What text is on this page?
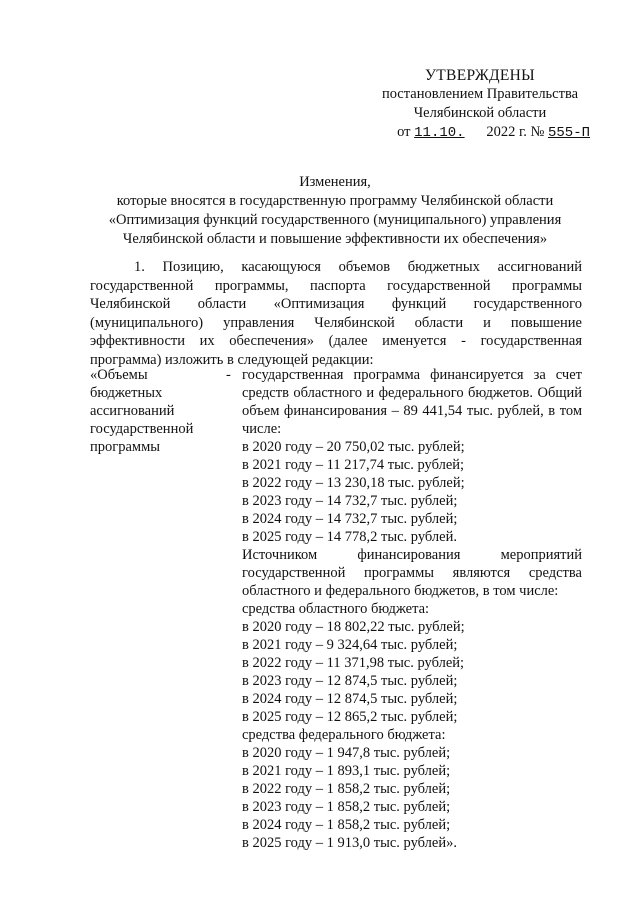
УТВЕРЖДЕНЫ
постановлением Правительства
Челябинской области
от 11.10. 2022 г. № 555-П
Изменения,
которые вносятся в государственную программу Челябинской области
«Оптимизация функций государственного (муниципального) управления
Челябинской области и повышение эффективности их обеспечения»
1. Позицию, касающуюся объемов бюджетных ассигнований
государственной программы, паспорта государственной программы
Челябинской области «Оптимизация функций государственного
(муниципального) управления Челябинской области и повышение
эффективности их обеспечения» (далее именуется - государственная
программа) изложить в следующей редакции:
«Объемы
бюджетных
ассигнований
государственной
программы
- государственная программа финансируется за счет
средств областного и федерального бюджетов. Общий
объем финансирования – 89 441,54 тыс. рублей, в том
числе:
в 2020 году – 20 750,02 тыс. рублей;
в 2021 году – 11 217,74 тыс. рублей;
в 2022 году – 13 230,18 тыс. рублей;
в 2023 году – 14 732,7 тыс. рублей;
в 2024 году – 14 732,7 тыс. рублей;
в 2025 году – 14 778,2 тыс. рублей.
Источником финансирования мероприятий
государственной программы являются средства
областного и федерального бюджетов, в том числе:
средства областного бюджета:
в 2020 году – 18 802,22 тыс. рублей;
в 2021 году – 9 324,64 тыс. рублей;
в 2022 году – 11 371,98 тыс. рублей;
в 2023 году – 12 874,5 тыс. рублей;
в 2024 году – 12 874,5 тыс. рублей;
в 2025 году – 12 865,2 тыс. рублей;
средства федерального бюджета:
в 2020 году – 1 947,8 тыс. рублей;
в 2021 году – 1 893,1 тыс. рублей;
в 2022 году – 1 858,2 тыс. рублей;
в 2023 году – 1 858,2 тыс. рублей;
в 2024 году – 1 858,2 тыс. рублей;
в 2025 году – 1 913,0 тыс. рублей».
